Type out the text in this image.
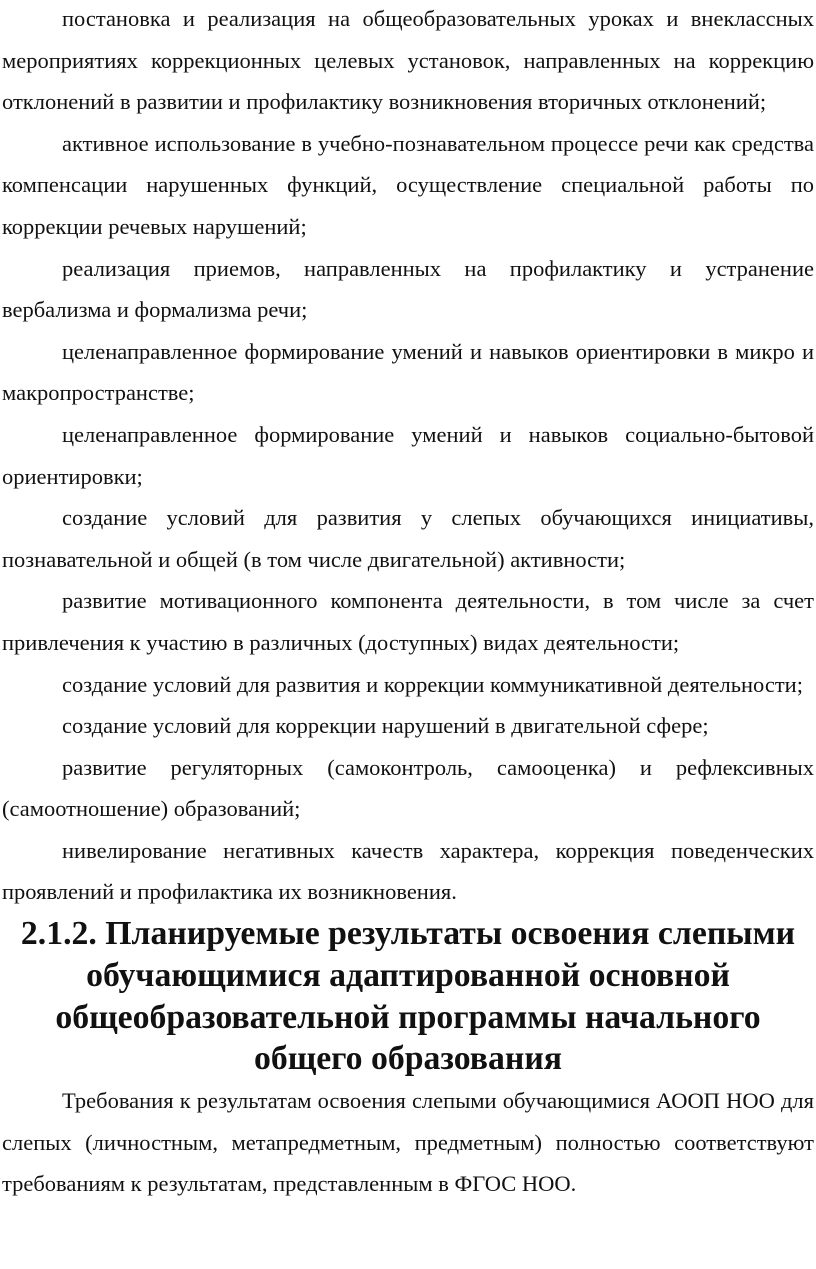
постановка и реализация на общеобразовательных уроках и внеклассных мероприятиях коррекционных целевых установок, направленных на коррекцию отклонений в развитии и профилактику возникновения вторичных отклонений;

активное использование в учебно-познавательном процессе речи как средства компенсации нарушенных функций, осуществление специальной работы по коррекции речевых нарушений;

реализация приемов, направленных на профилактику и устранение вербализма и формализма речи;

целенаправленное формирование умений и навыков ориентировки в микро и макропространстве;

целенаправленное формирование умений и навыков социально-бытовой ориентировки;

создание условий для развития у слепых обучающихся инициативы, познавательной и общей (в том числе двигательной) активности;

развитие мотивационного компонента деятельности, в том числе за счет привлечения к участию в различных (доступных) видах деятельности;

создание условий для развития и коррекции коммуникативной деятельности;

создание условий для коррекции нарушений в двигательной сфере;

развитие регуляторных (самоконтроль, самооценка) и рефлексивных (самоотношение) образований;

нивелирование негативных качеств характера, коррекция поведенческих проявлений и профилактика их возникновения.

2.1.2. Планируемые результаты освоения слепыми обучающимися адаптированной основной общеобразовательной программы начального общего образования

Требования к результатам освоения слепыми обучающимися АООП НОО для слепых (личностным, метапредметным, предметным) полностью соответствуют требованиям к результатам, представленным в ФГОС НОО.
